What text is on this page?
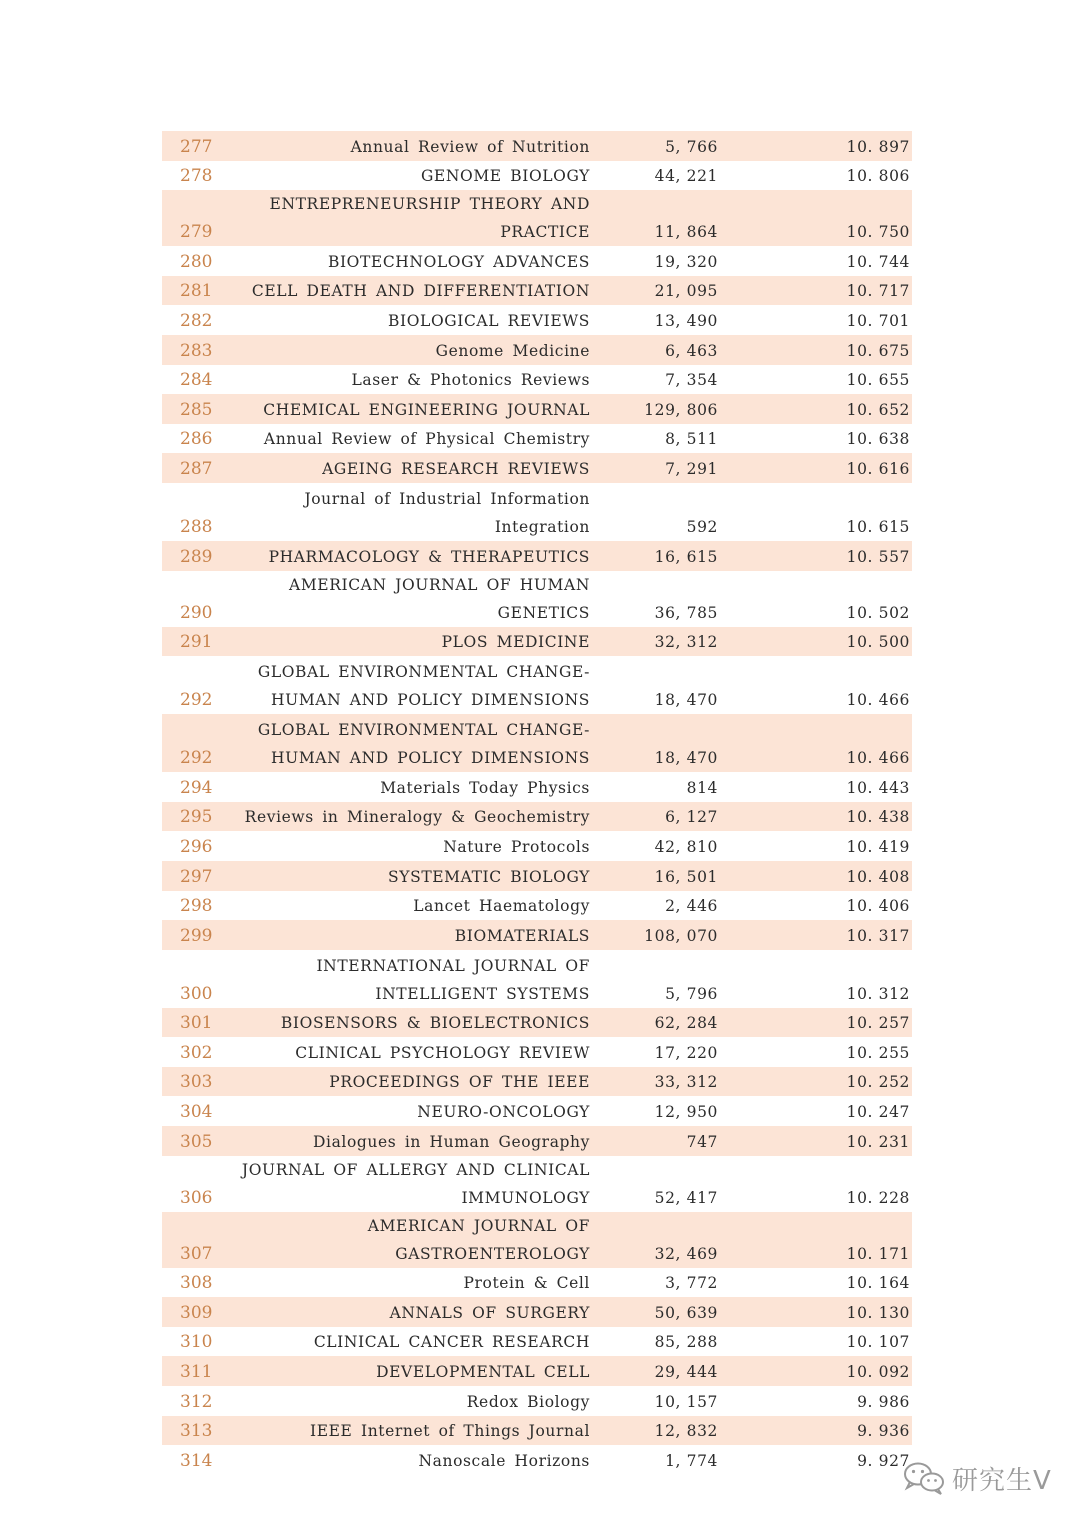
277	Annual Review of Nutrition	5, 766	10. 897
278	GENOME BIOLOGY	44, 221	10. 806
279	ENTREPRENEURSHIP THEORY AND PRACTICE	11, 864	10. 750
280	BIOTECHNOLOGY ADVANCES	19, 320	10. 744
281	CELL DEATH AND DIFFERENTIATION	21, 095	10. 717
282	BIOLOGICAL REVIEWS	13, 490	10. 701
283	Genome Medicine	6, 463	10. 675
284	Laser & Photonics Reviews	7, 354	10. 655
285	CHEMICAL ENGINEERING JOURNAL	129, 806	10. 652
286	Annual Review of Physical Chemistry	8, 511	10. 638
287	AGEING RESEARCH REVIEWS	7, 291	10. 616
288	Journal of Industrial Information Integration	592	10. 615
289	PHARMACOLOGY & THERAPEUTICS	16, 615	10. 557
290	AMERICAN JOURNAL OF HUMAN GENETICS	36, 785	10. 502
291	PLOS MEDICINE	32, 312	10. 500
292	GLOBAL ENVIRONMENTAL CHANGE-HUMAN AND POLICY DIMENSIONS	18, 470	10. 466
292	GLOBAL ENVIRONMENTAL CHANGE-HUMAN AND POLICY DIMENSIONS	18, 470	10. 466
294	Materials Today Physics	814	10. 443
295	Reviews in Mineralogy & Geochemistry	6, 127	10. 438
296	Nature Protocols	42, 810	10. 419
297	SYSTEMATIC BIOLOGY	16, 501	10. 408
298	Lancet Haematology	2, 446	10. 406
299	BIOMATERIALS	108, 070	10. 317
300	INTERNATIONAL JOURNAL OF INTELLIGENT SYSTEMS	5, 796	10. 312
301	BIOSENSORS & BIOELECTRONICS	62, 284	10. 257
302	CLINICAL PSYCHOLOGY REVIEW	17, 220	10. 255
303	PROCEEDINGS OF THE IEEE	33, 312	10. 252
304	NEURO-ONCOLOGY	12, 950	10. 247
305	Dialogues in Human Geography	747	10. 231
306	JOURNAL OF ALLERGY AND CLINICAL IMMUNOLOGY	52, 417	10. 228
307	AMERICAN JOURNAL OF GASTROENTEROLOGY	32, 469	10. 171
308	Protein & Cell	3, 772	10. 164
309	ANNALS OF SURGERY	50, 639	10. 130
310	CLINICAL CANCER RESEARCH	85, 288	10. 107
311	DEVELOPMENTAL CELL	29, 444	10. 092
312	Redox Biology	10, 157	9. 986
313	IEEE Internet of Things Journal	12, 832	9. 936
314	Nanoscale Horizons	1, 774	9. 927
研究生V
